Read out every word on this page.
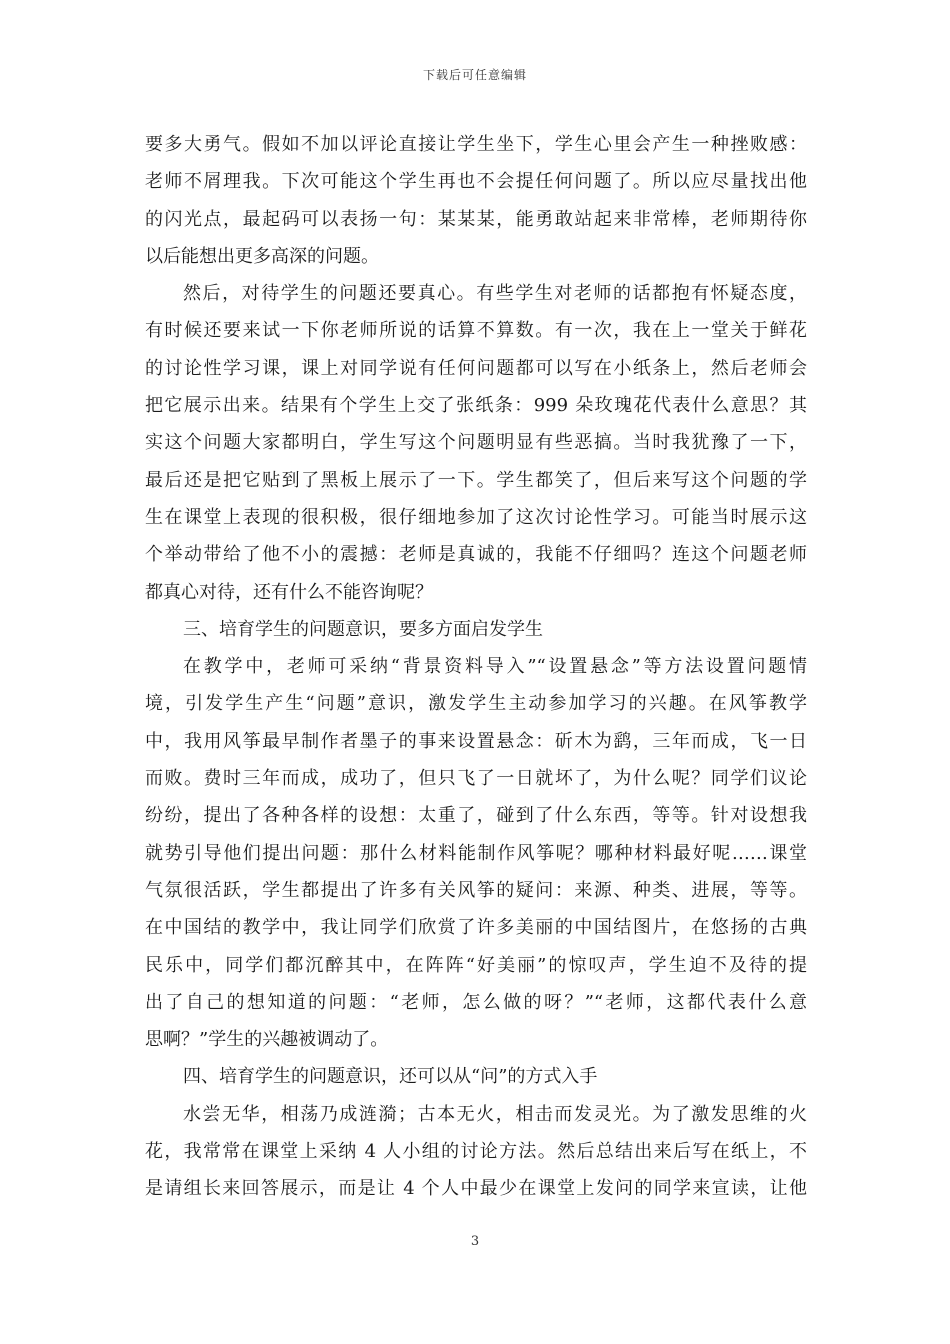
下载后可任意编辑
要多大勇气。假如不加以评论直接让学生坐下，学生心里会产生一种挫败感：
老师不屑理我。下次可能这个学生再也不会提任何问题了。所以应尽量找出他
的闪光点，最起码可以表扬一句：某某某，能勇敢站起来非常棒，老师期待你
以后能想出更多高深的问题。
然后，对待学生的问题还要真心。有些学生对老师的话都抱有怀疑态度，
有时候还要来试一下你老师所说的话算不算数。有一次，我在上一堂关于鲜花
的讨论性学习课，课上对同学说有任何问题都可以写在小纸条上，然后老师会
把它展示出来。结果有个学生上交了张纸条：999 朵玫瑰花代表什么意思？其
实这个问题大家都明白，学生写这个问题明显有些恶搞。当时我犹豫了一下，
最后还是把它贴到了黑板上展示了一下。学生都笑了，但后来写这个问题的学
生在课堂上表现的很积极，很仔细地参加了这次讨论性学习。可能当时展示这
个举动带给了他不小的震撼：老师是真诚的，我能不仔细吗？连这个问题老师
都真心对待，还有什么不能咨询呢？
三、培育学生的问题意识，要多方面启发学生
在教学中，老师可采纳“背景资料导入”“设置悬念”等方法设置问题情
境，引发学生产生“问题”意识，激发学生主动参加学习的兴趣。在风筝教学
中，我用风筝最早制作者墨子的事来设置悬念：斫木为鹞，三年而成，飞一日
而败。费时三年而成，成功了，但只飞了一日就坏了，为什么呢？同学们议论
纷纷，提出了各种各样的设想：太重了，碰到了什么东西，等等。针对设想我
就势引导他们提出问题：那什么材料能制作风筝呢？哪种材料最好呢……课堂
气氛很活跃，学生都提出了许多有关风筝的疑问：来源、种类、进展，等等。
在中国结的教学中，我让同学们欣赏了许多美丽的中国结图片，在悠扬的古典
民乐中，同学们都沉醉其中，在阵阵“好美丽”的惊叹声，学生迫不及待的提
出了自己的想知道的问题：“老师，怎么做的呀？”“老师，这都代表什么意
思啊？”学生的兴趣被调动了。
四、培育学生的问题意识，还可以从“问”的方式入手
水尝无华，相荡乃成涟漪；古本无火，相击而发灵光。为了激发思维的火
花，我常常在课堂上采纳 4 人小组的讨论方法。然后总结出来后写在纸上，不
是请组长来回答展示，而是让 4 个人中最少在课堂上发问的同学来宣读，让他
3
